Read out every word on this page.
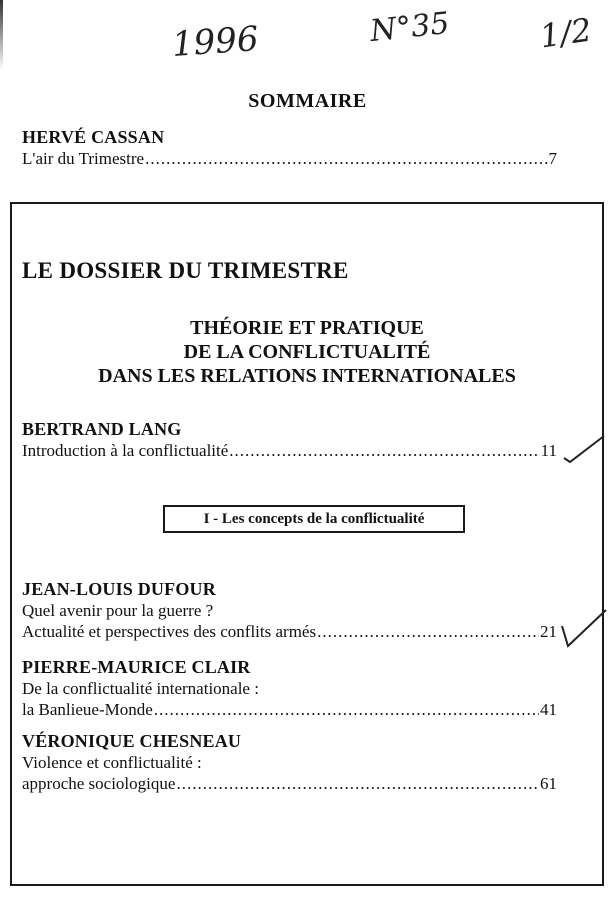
1996	N°35	1/2
SOMMAIRE
HERVÉ CASSAN
L'air du Trimestre .....	7
LE DOSSIER DU TRIMESTRE
THÉORIE ET PRATIQUE
DE LA CONFLICTUALITÉ
DANS LES RELATIONS INTERNATIONALES
BERTRAND LANG
Introduction à la conflictualité .....	11
I - Les concepts de la conflictualité
JEAN-LOUIS DUFOUR
Quel avenir pour la guerre ?
Actualité et perspectives des conflits armés .....	21
PIERRE-MAURICE CLAIR
De la conflictualité internationale :
la Banlieue-Monde .....	41
VÉRONIQUE CHESNEAU
Violence et conflictualité :
approche sociologique .....	61
